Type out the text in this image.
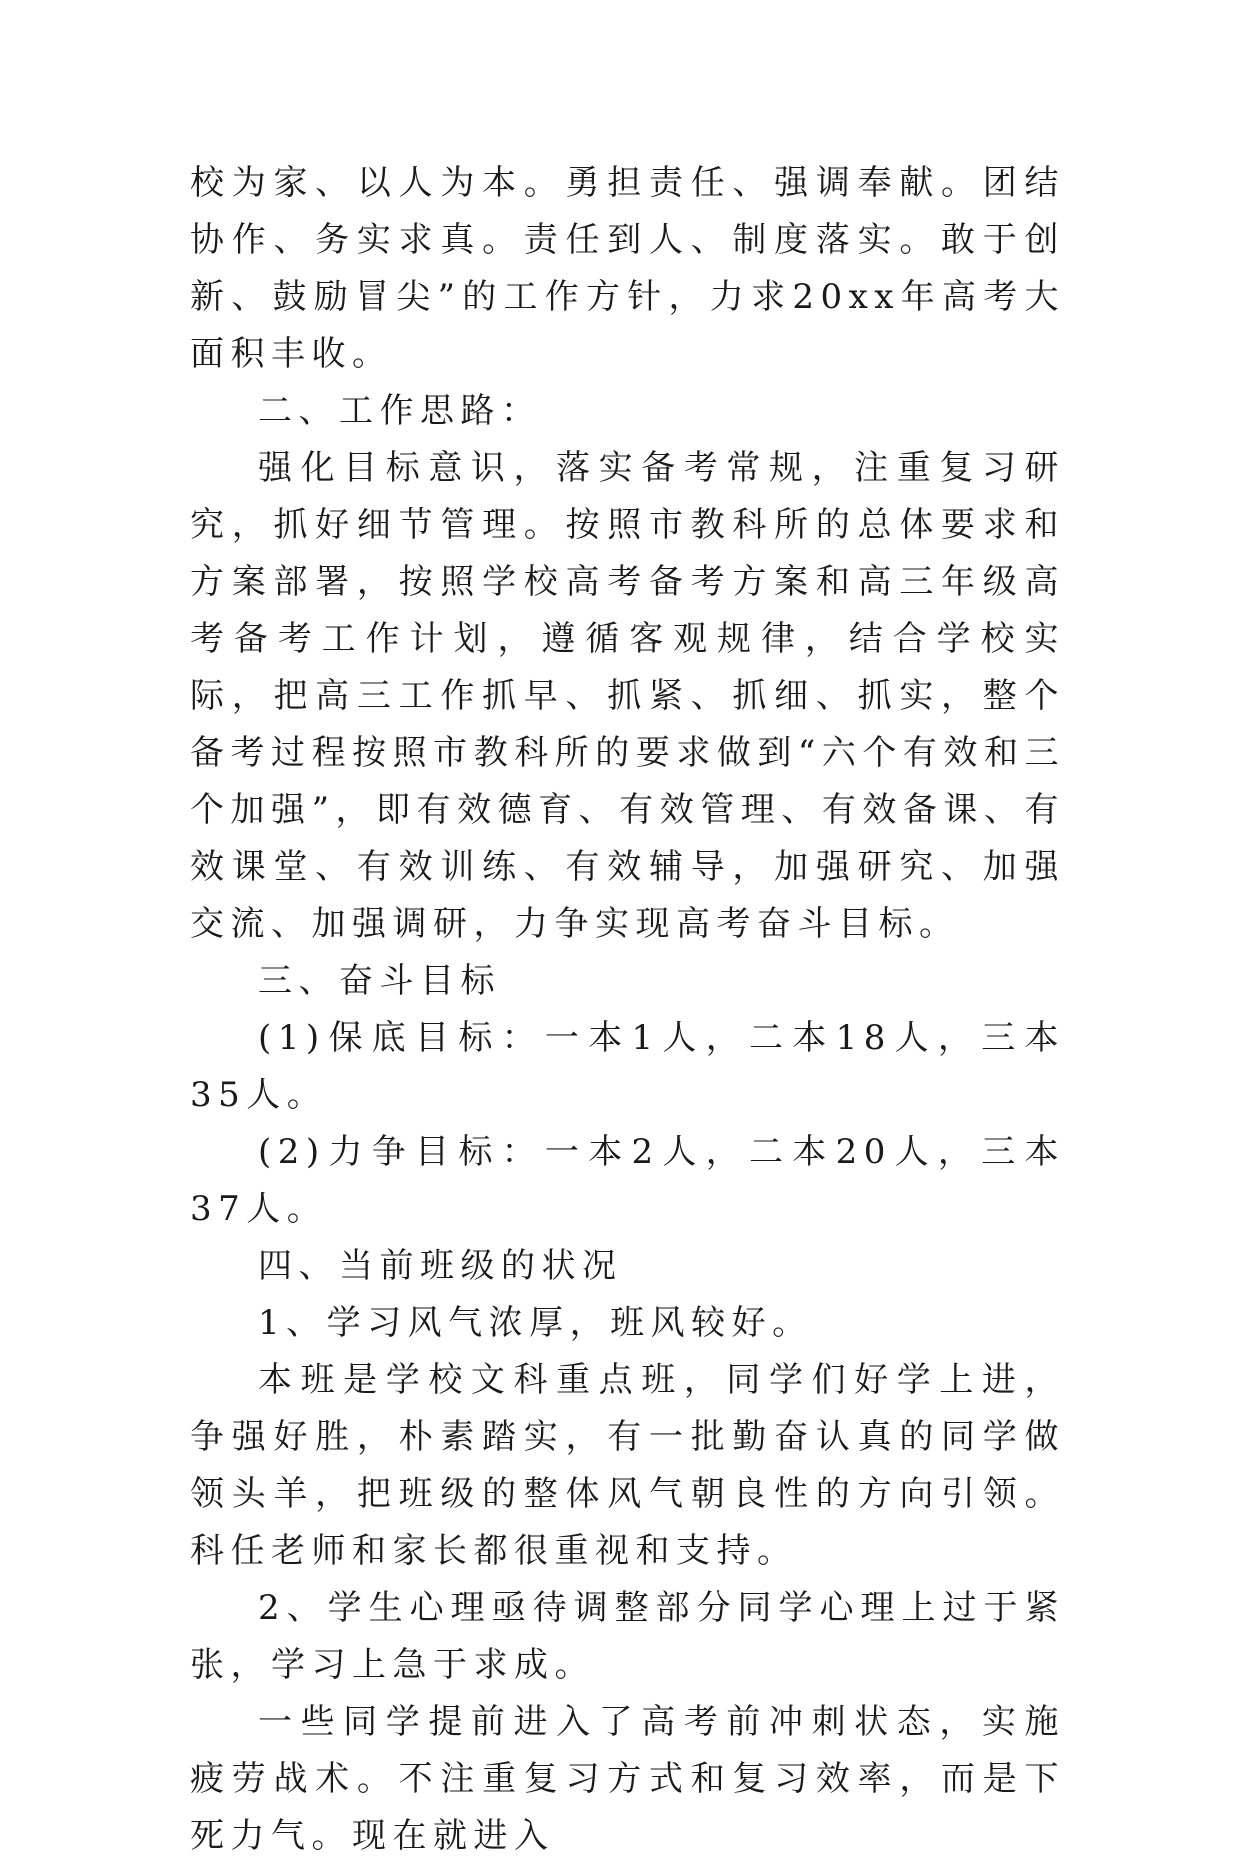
校为家、以人为本。勇担责任、强调奉献。团结协作、务实求真。责任到人、制度落实。敢于创新、鼓励冒尖”的工作方针，力求20xx年高考大面积丰收。

二、工作思路：

强化目标意识，落实备考常规，注重复习研究，抓好细节管理。按照市教科所的总体要求和方案部署，按照学校高考备考方案和高三年级高考备考工作计划，遵循客观规律，结合学校实际，把高三工作抓早、抓紧、抓细、抓实，整个备考过程按照市教科所的要求做到“六个有效和三个加强”，即有效德育、有效管理、有效备课、有效课堂、有效训练、有效辅导，加强研究、加强交流、加强调研，力争实现高考奋斗目标。

三、奋斗目标

(1)保底目标：一本1人，二本18人，三本35人。

(2)力争目标：一本2人，二本20人，三本37人。

四、当前班级的状况

1、学习风气浓厚，班风较好。

本班是学校文科重点班，同学们好学上进，争强好胜，朴素踏实，有一批勤奋认真的同学做领头羊，把班级的整体风气朝良性的方向引领。科任老师和家长都很重视和支持。

2、学生心理亟待调整部分同学心理上过于紧张，学习上急于求成。

一些同学提前进入了高考前冲刺状态，实施疲劳战术。不注重复习方式和复习效率，而是下死力气。现在就进入
